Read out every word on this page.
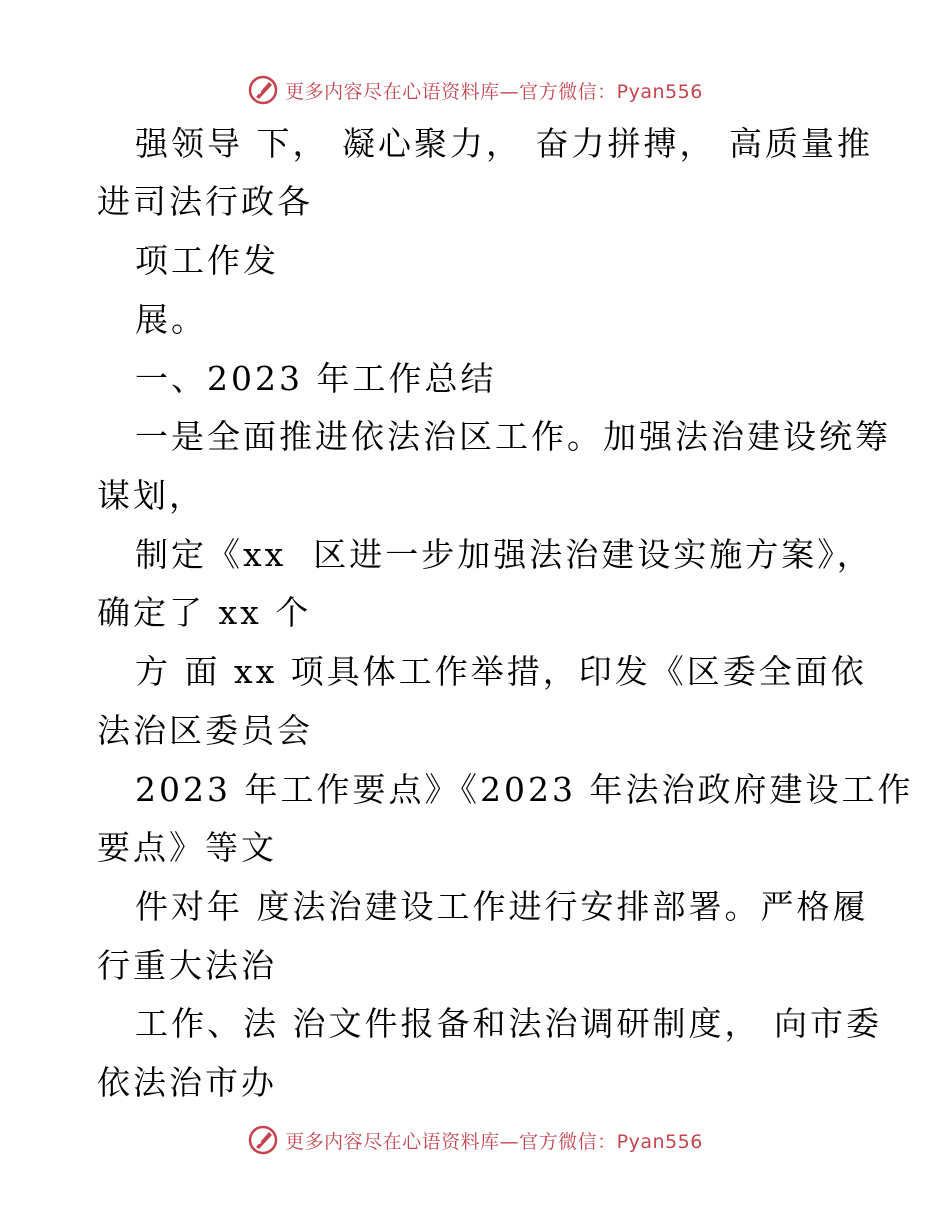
更多内容尽在心语资料库—官方微信：Pyan556
强领导 下， 凝心聚力， 奋力拼搏， 高质量推
进司法行政各
项工作发
展。
一、2023 年工作总结
一是全面推进依法治区工作。加强法治建设统筹
谋划，
制定《xx  区进一步加强法治建设实施方案》，
确定了 xx 个
方 面 xx 项具体工作举措，印发《区委全面依
法治区委员会
2023 年工作要点》《2023 年法治政府建设工作
要点》等文
件对年 度法治建设工作进行安排部署。严格履
行重大法治
工作、法 治文件报备和法治调研制度， 向市委
依法治市办
更多内容尽在心语资料库—官方微信：Pyan556
